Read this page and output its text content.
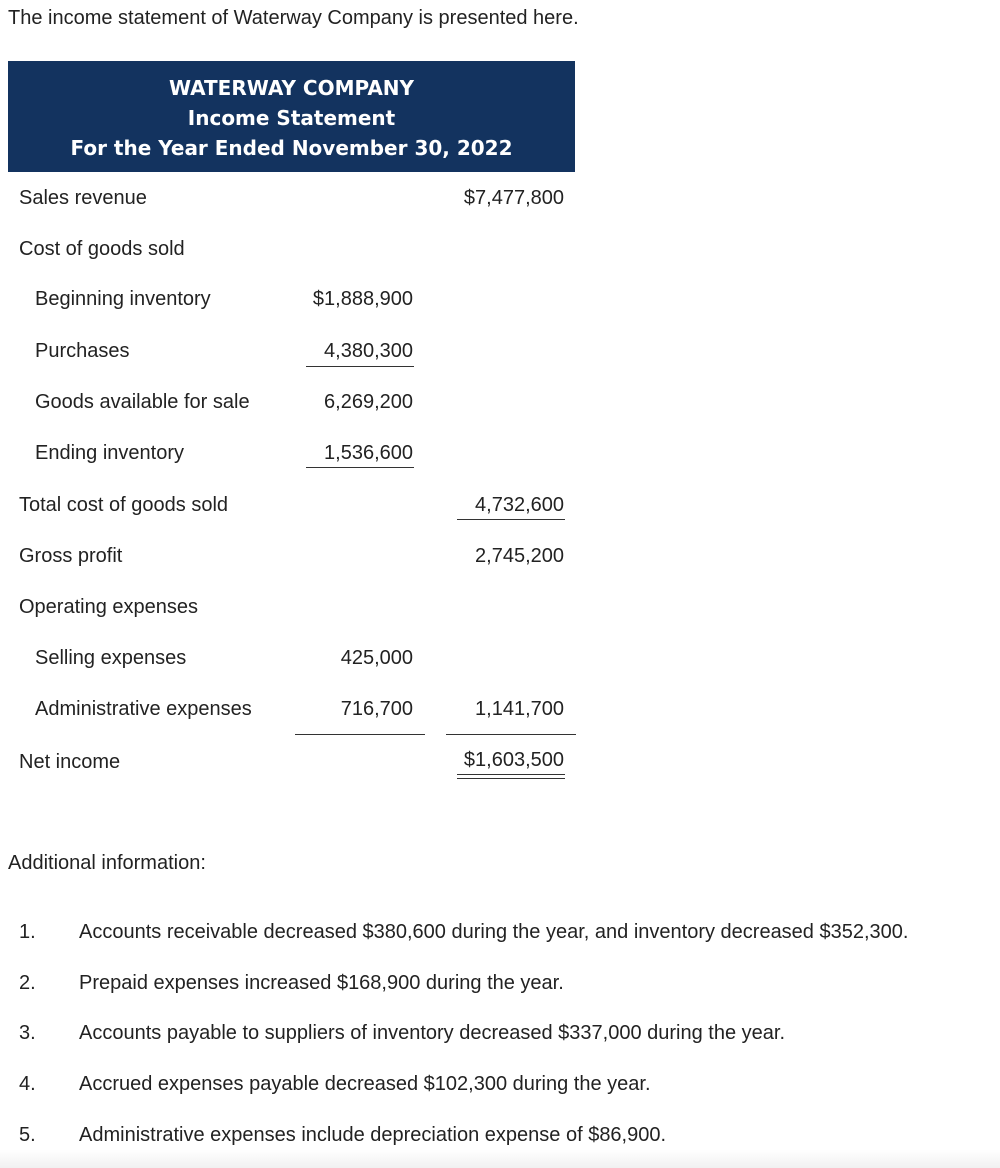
The income statement of Waterway Company is presented here.
WATERWAY COMPANY
Income Statement
For the Year Ended November 30, 2022
Sales revenue	$7,477,800
Cost of goods sold
Beginning inventory	$1,888,900
Purchases	4,380,300
Goods available for sale	6,269,200
Ending inventory	1,536,600
Total cost of goods sold	4,732,600
Gross profit	2,745,200
Operating expenses
Selling expenses	425,000
Administrative expenses	716,700	1,141,700
Net income	$1,603,500
Additional information:
1. Accounts receivable decreased $380,600 during the year, and inventory decreased $352,300.
2. Prepaid expenses increased $168,900 during the year.
3. Accounts payable to suppliers of inventory decreased $337,000 during the year.
4. Accrued expenses payable decreased $102,300 during the year.
5. Administrative expenses include depreciation expense of $86,900.
